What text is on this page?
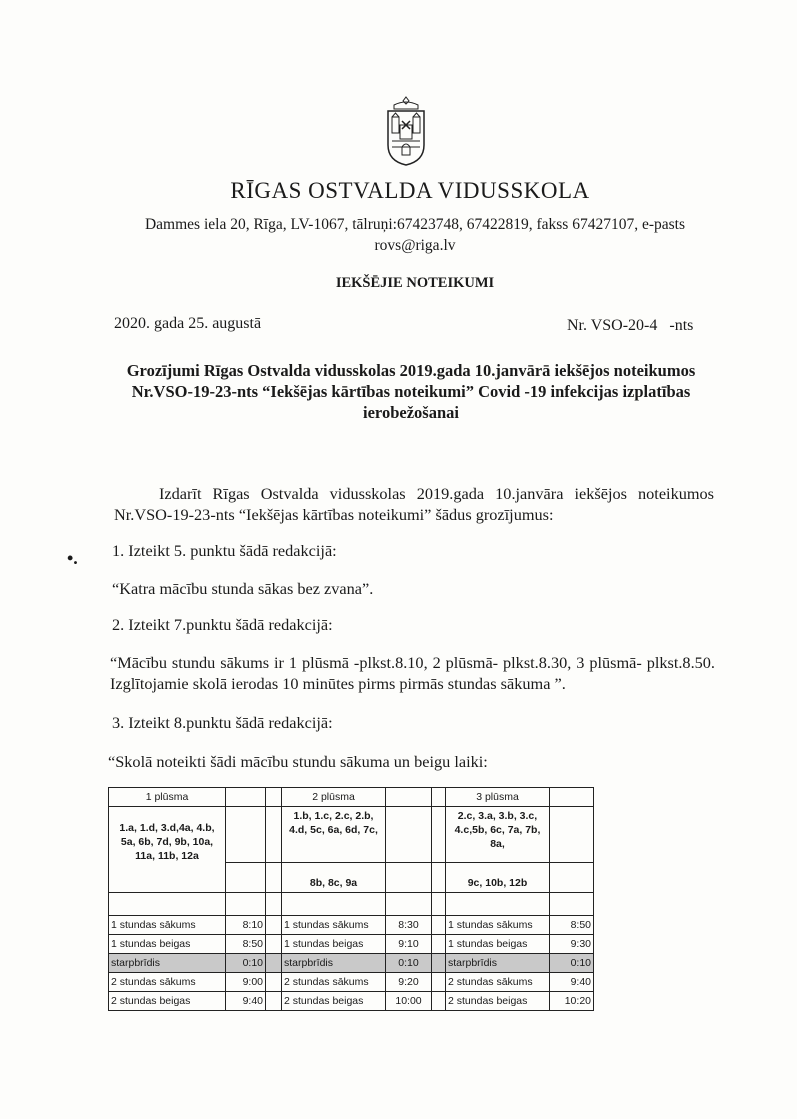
RĪGAS OSTVALDA VIDUSSKOLA
Dammes iela 20, Rīga, LV-1067, tālruņi:67423748, 67422819, fakss 67427107, e-pasts
rovs@riga.lv
IEKŠĒJIE NOTEIKUMI
2020. gada 25. augustā	Nr. VSO-20-4   -nts
Grozījumi Rīgas Ostvalda vidusskolas 2019.gada 10.janvārā iekšējos noteikumos Nr.VSO-19-23-nts “Iekšējas kārtības noteikumi” Covid -19 infekcijas izplatības ierobežošanai
Izdarīt Rīgas Ostvalda vidusskolas 2019.gada 10.janvāra iekšējos noteikumos Nr.VSO-19-23-nts “Iekšējas kārtības noteikumi” šādus grozījumus:
•. 1. Izteikt 5. punktu šādā redakcijā:
“Katra mācību stunda sākas bez zvana”.
2. Izteikt 7.punktu šādā redakcijā:
“Mācību stundu sākums ir 1 plūsmā -plkst.8.10, 2 plūsmā- plkst.8.30, 3 plūsmā- plkst.8.50. Izglītojamie skolā ierodas 10 minūtes pirms pirmās stundas sākuma ”.
3. Izteikt 8.punktu šādā redakcijā:
“Skolā noteikti šādi mācību stundu sākuma un beigu laiki:
1 plūsma			2 plūsma			3 plūsma	
1.a, 1.d, 3.d,4a, 4.b, 5a, 6b, 7d, 9b, 10a, 11a, 11b, 12a			1.b, 1.c, 2.c, 2.b, 4.d, 5c, 6a, 6d, 7c,			2.c, 3.a, 3.b, 3.c, 4.c,5b, 6c, 7a, 7b, 8a,	
			8b, 8c, 9a			9c, 10b, 12b	

1 stundas sākums	8:10		1 stundas sākums	8:30		1 stundas sākums	8:50
1 stundas beigas	8:50		1 stundas beigas	9:10		1 stundas beigas	9:30
starpbrīdis	0:10		starpbrīdis	0:10		starpbrīdis	0:10
2 stundas sākums	9:00		2 stundas sākums	9:20		2 stundas sākums	9:40
2 stundas beigas	9:40		2 stundas beigas	10:00		2 stundas beigas	10:20
